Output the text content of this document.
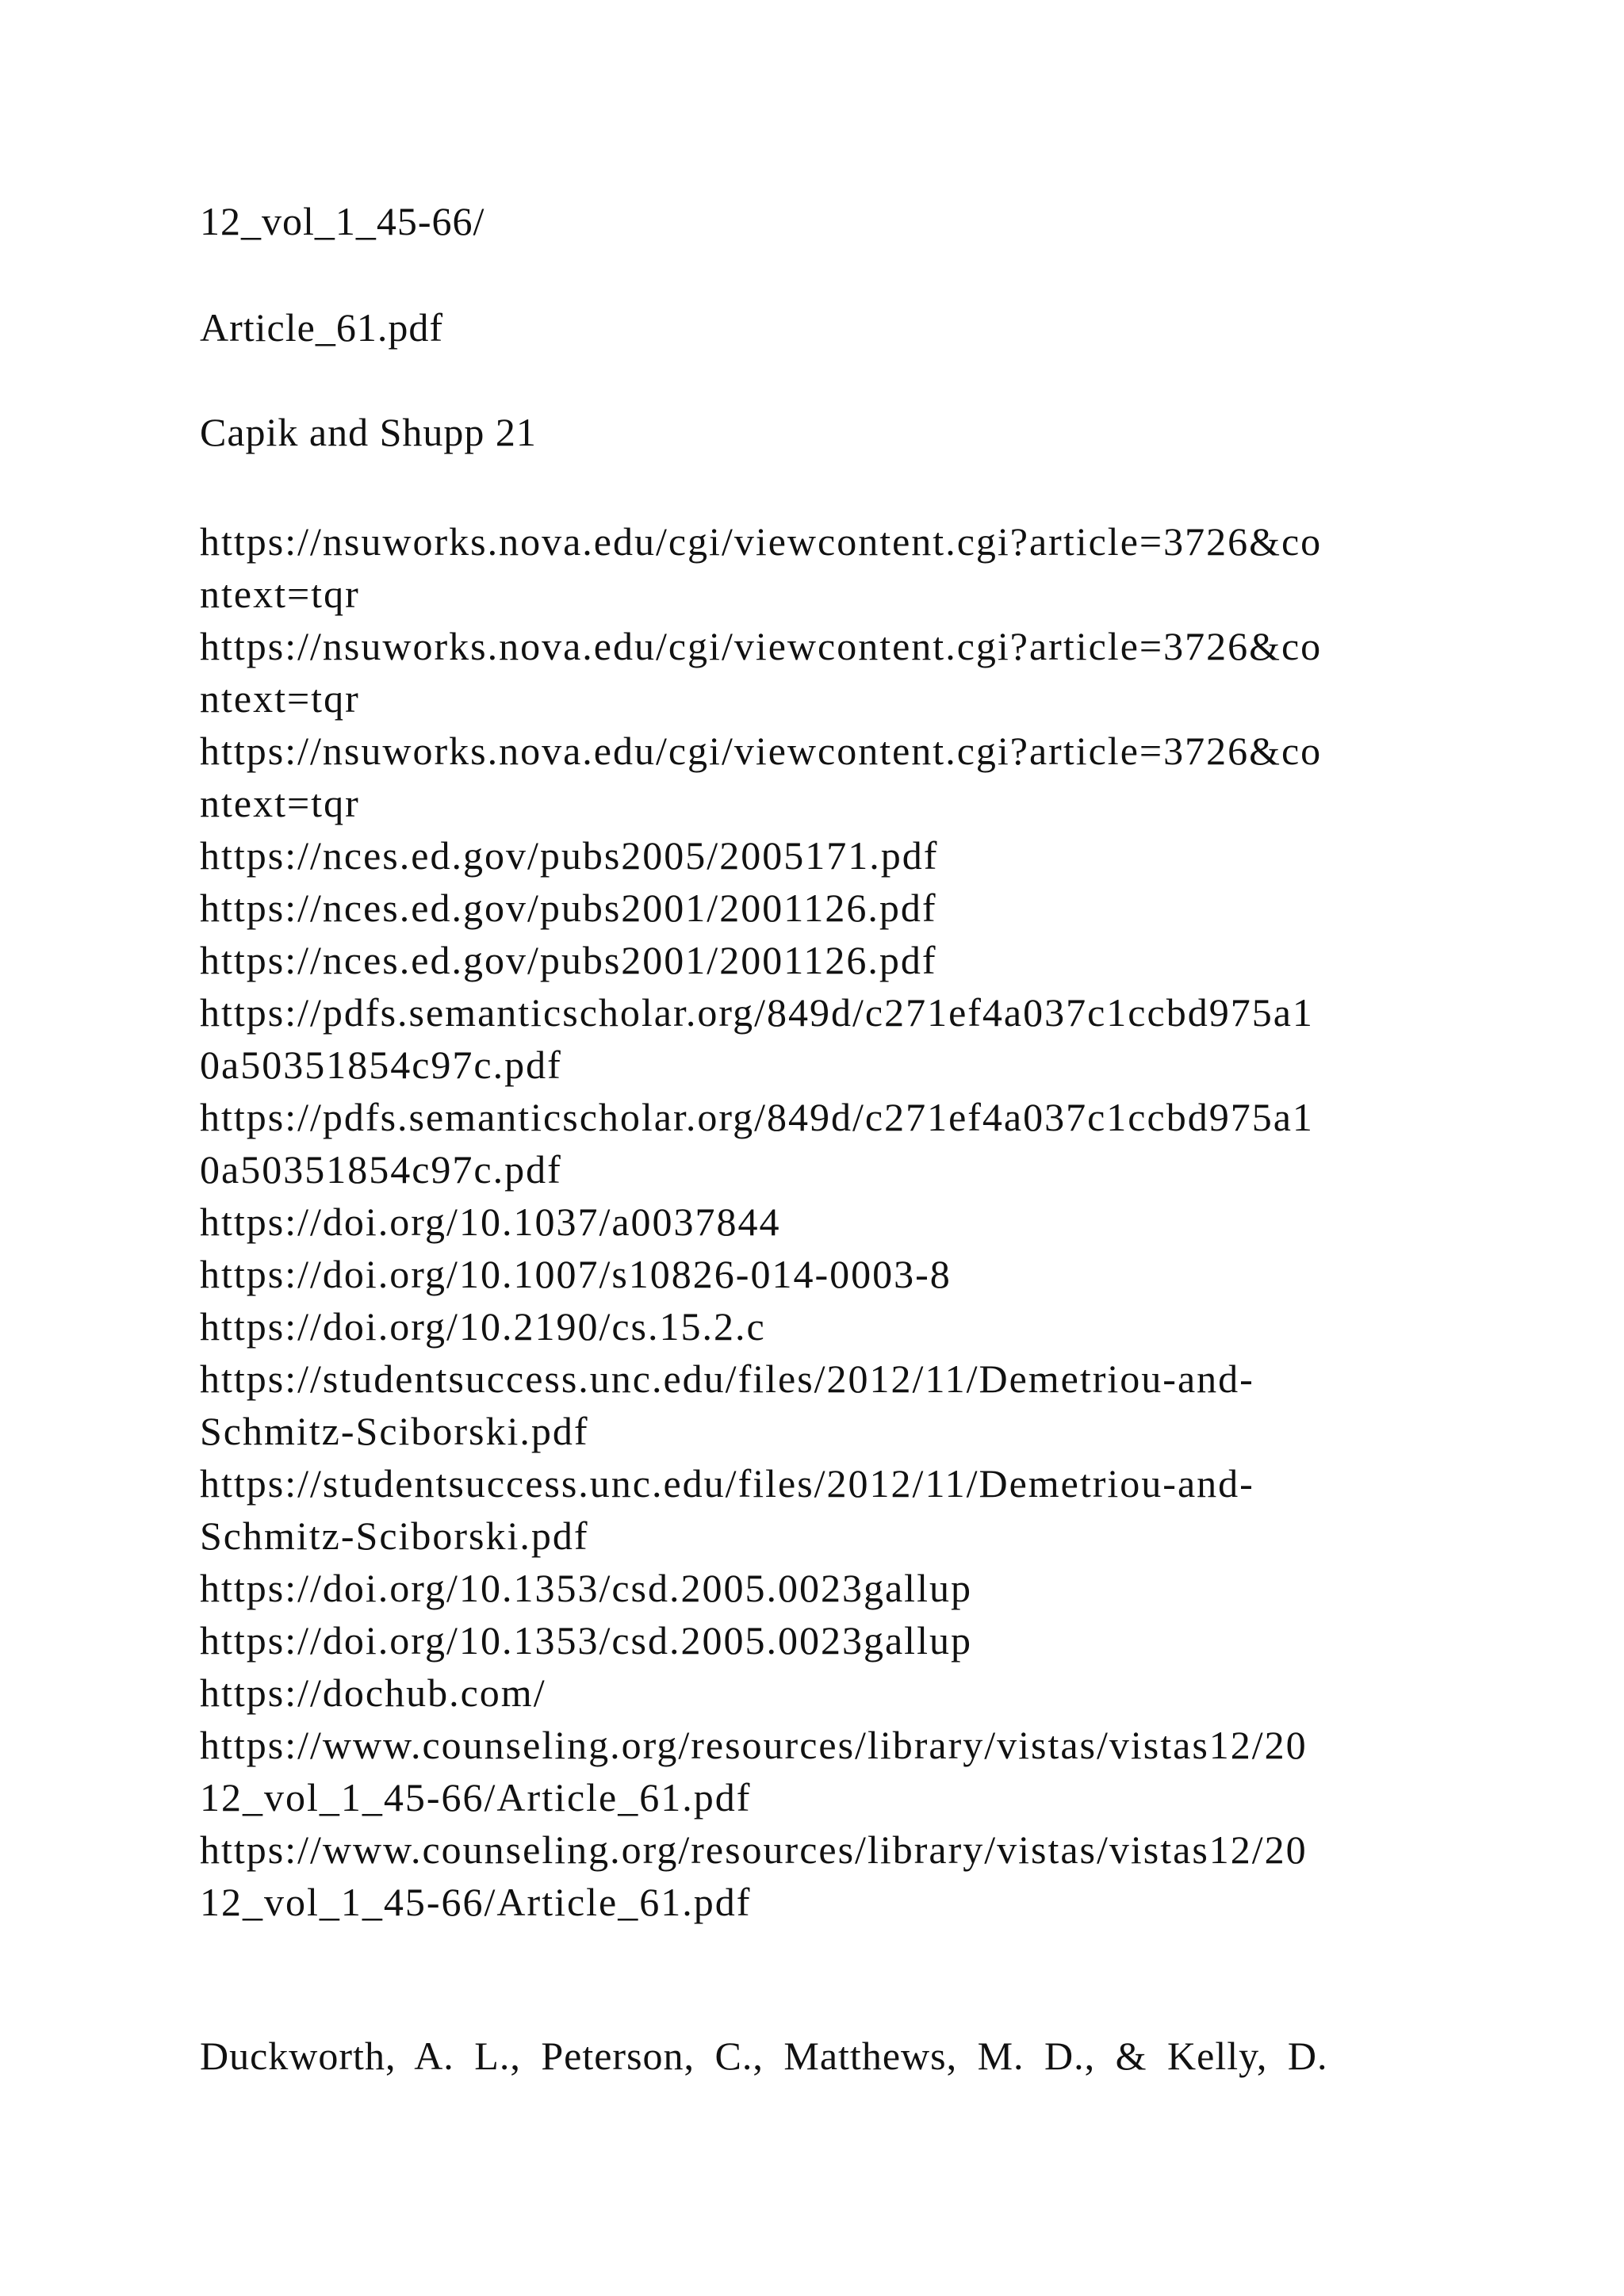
12_vol_1_45-66/
Article_61.pdf
Capik and Shupp 21
https://nsuworks.nova.edu/cgi/viewcontent.cgi?article=3726&co
ntext=tqr
https://nsuworks.nova.edu/cgi/viewcontent.cgi?article=3726&co
ntext=tqr
https://nsuworks.nova.edu/cgi/viewcontent.cgi?article=3726&co
ntext=tqr
https://nces.ed.gov/pubs2005/2005171.pdf
https://nces.ed.gov/pubs2001/2001126.pdf
https://nces.ed.gov/pubs2001/2001126.pdf
https://pdfs.semanticscholar.org/849d/c271ef4a037c1ccbd975a1
0a50351854c97c.pdf
https://pdfs.semanticscholar.org/849d/c271ef4a037c1ccbd975a1
0a50351854c97c.pdf
https://doi.org/10.1037/a0037844
https://doi.org/10.1007/s10826-014-0003-8
https://doi.org/10.2190/cs.15.2.c
https://studentsuccess.unc.edu/files/2012/11/Demetriou-and-
Schmitz-Sciborski.pdf
https://studentsuccess.unc.edu/files/2012/11/Demetriou-and-
Schmitz-Sciborski.pdf
https://doi.org/10.1353/csd.2005.0023gallup
https://doi.org/10.1353/csd.2005.0023gallup
https://dochub.com/
https://www.counseling.org/resources/library/vistas/vistas12/20
12_vol_1_45-66/Article_61.pdf
https://www.counseling.org/resources/library/vistas/vistas12/20
12_vol_1_45-66/Article_61.pdf
Duckworth, A. L., Peterson, C., Matthews, M. D., & Kelly, D.
